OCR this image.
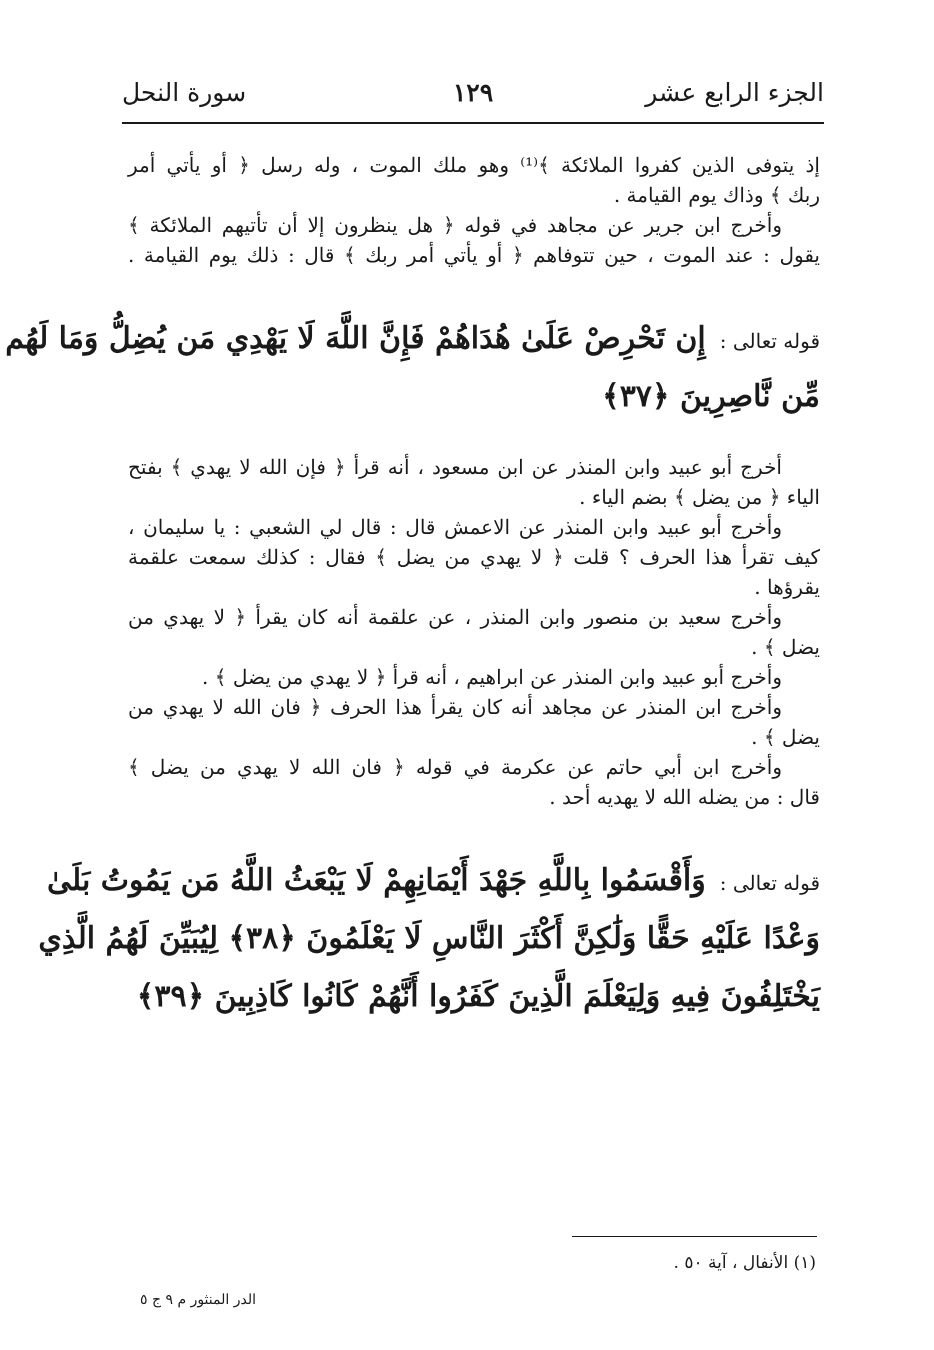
الجزء الرابع عشر
١٢٩
سورة النحل
إذ يتوفى الذين كفروا الملائكة ﴾⁽¹⁾ وهو ملك الموت ، وله رسل ﴿ أو يأتي أمر
ربك ﴾ وذاك يوم القيامة .
وأخرج ابن جرير عن مجاهد في قوله ﴿ هل ينظرون إلا أن تأتيهم الملائكة ﴾
يقول : عند الموت ، حين تتوفاهم ﴿ أو يأتي أمر ربك ﴾ قال : ذلك يوم القيامة .
قوله تعالى :إِن تَحْرِصْ عَلَىٰ هُدَاهُمْ فَإِنَّ اللَّهَ لَا يَهْدِي مَن يُضِلُّ وَمَا لَهُم
مِّن نَّاصِرِينَ ﴿٣٧﴾
أخرج أبو عبيد وابن المنذر عن ابن مسعود ، أنه قرأ ﴿ فإن الله لا يهدي ﴾ بفتح
الياء ﴿ من يضل ﴾ بضم الياء .
وأخرج أبو عبيد وابن المنذر عن الاعمش قال : قال لي الشعبي : يا سليمان ،
كيف تقرأ هذا الحرف ؟ قلت ﴿ لا يهدي من يضل ﴾ فقال : كذلك سمعت علقمة
يقرؤها .
وأخرج سعيد بن منصور وابن المنذر ، عن علقمة أنه كان يقرأ ﴿ لا يهدي من
يضل ﴾ .
وأخرج أبو عبيد وابن المنذر عن ابراهيم ، أنه قرأ ﴿ لا يهدي من يضل ﴾ .
وأخرج ابن المنذر عن مجاهد أنه كان يقرأ هذا الحرف ﴿ فان الله لا يهدي من
يضل ﴾ .
وأخرج ابن أبي حاتم عن عكرمة في قوله ﴿ فان الله لا يهدي من يضل ﴾
قال : من يضله الله لا يهديه أحد .
قوله تعالى :وَأَقْسَمُوا بِاللَّهِ جَهْدَ أَيْمَانِهِمْ لَا يَبْعَثُ اللَّهُ مَن يَمُوتُ بَلَىٰ
وَعْدًا عَلَيْهِ حَقًّا وَلَٰكِنَّ أَكْثَرَ النَّاسِ لَا يَعْلَمُونَ ﴿٣٨﴾ لِيُبَيِّنَ لَهُمُ الَّذِي
يَخْتَلِفُونَ فِيهِ وَلِيَعْلَمَ الَّذِينَ كَفَرُوا أَنَّهُمْ كَانُوا كَاذِبِينَ ﴿٣٩﴾
(١) الأنفال ، آية ٥٠ .
الدر المنثور م ٩ ج ٥
